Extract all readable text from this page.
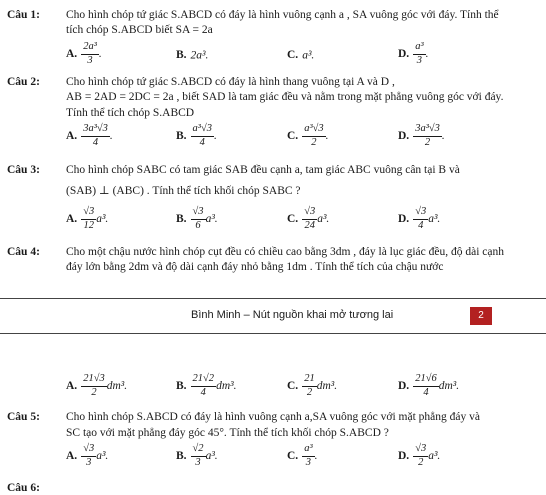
Câu 1: Cho hình chóp tứ giác S.ABCD có đáy là hình vuông cạnh a , SA vuông góc với đáy. Tính thể
tích chóp S.ABCD biết SA = 2a
A. $\frac{\text{2a³}}{3}$ .	B. 2a³.	C. a³.	D. $\frac{\text{a³}}{3}$ .
Câu 2: Cho hình chóp tứ giác S.ABCD có đáy là hình thang vuông tại A và D ,
AB = 2AD = 2DC = 2a , biết SAD là tam giác đều và nằm trong mặt phẳng vuông góc với đáy.
Tính thể tích chóp S.ABCD
A. $\frac{\text{3a³√3}}{4}$ .	B. $\frac{\text{a³√3}}{4}$ .	C. $\frac{\text{a³√3}}{2}$ .	D. $\frac{\text{3a³√3}}{2}$ .
Câu 3: Cho hình chóp SABC có tam giác SAB đều cạnh a, tam giác ABC vuông cân tại B và
(SAB) ⊥ (ABC) . Tính thể tích khối chóp SABC ?
A. $\frac{√3}{12} a^3$.	B. $\frac{√3}{6} a^3$.	C. $\frac{√3}{24} a^3$.	D. $\frac{√3}{4} a^3$.
Câu 4: Cho một chậu nước hình chóp cụt đều có chiều cao bằng 3dm , đáy là lục giác đều, độ dài cạnh
đáy lớn bằng 2dm và độ dài cạnh đáy nhỏ bằng 1dm . Tính thể tích của chậu nước
Bình Minh – Nút nguồn khai mở tương lai	2
A. $\frac{21√3}{2} dm^3$.	B. $\frac{21√2}{4} dm^3$.	C. $\frac{21}{2} dm^3$.	D. $\frac{21√6}{4} dm^3$.
Câu 5: Cho hình chóp S.ABCD có đáy là hình vuông cạnh a,SA vuông góc với mặt phẳng đáy và
SC tạo với mặt phẳng đáy góc 45°. Tính thể tích khối chóp S.ABCD ?
A. $\frac{√3}{3} a^3$.	B. $\frac{√2}{3} a^3$.	C. $\frac{\text{a³}}{3}$ .	D. $\frac{√3}{2} a^3$.
Câu 6:
